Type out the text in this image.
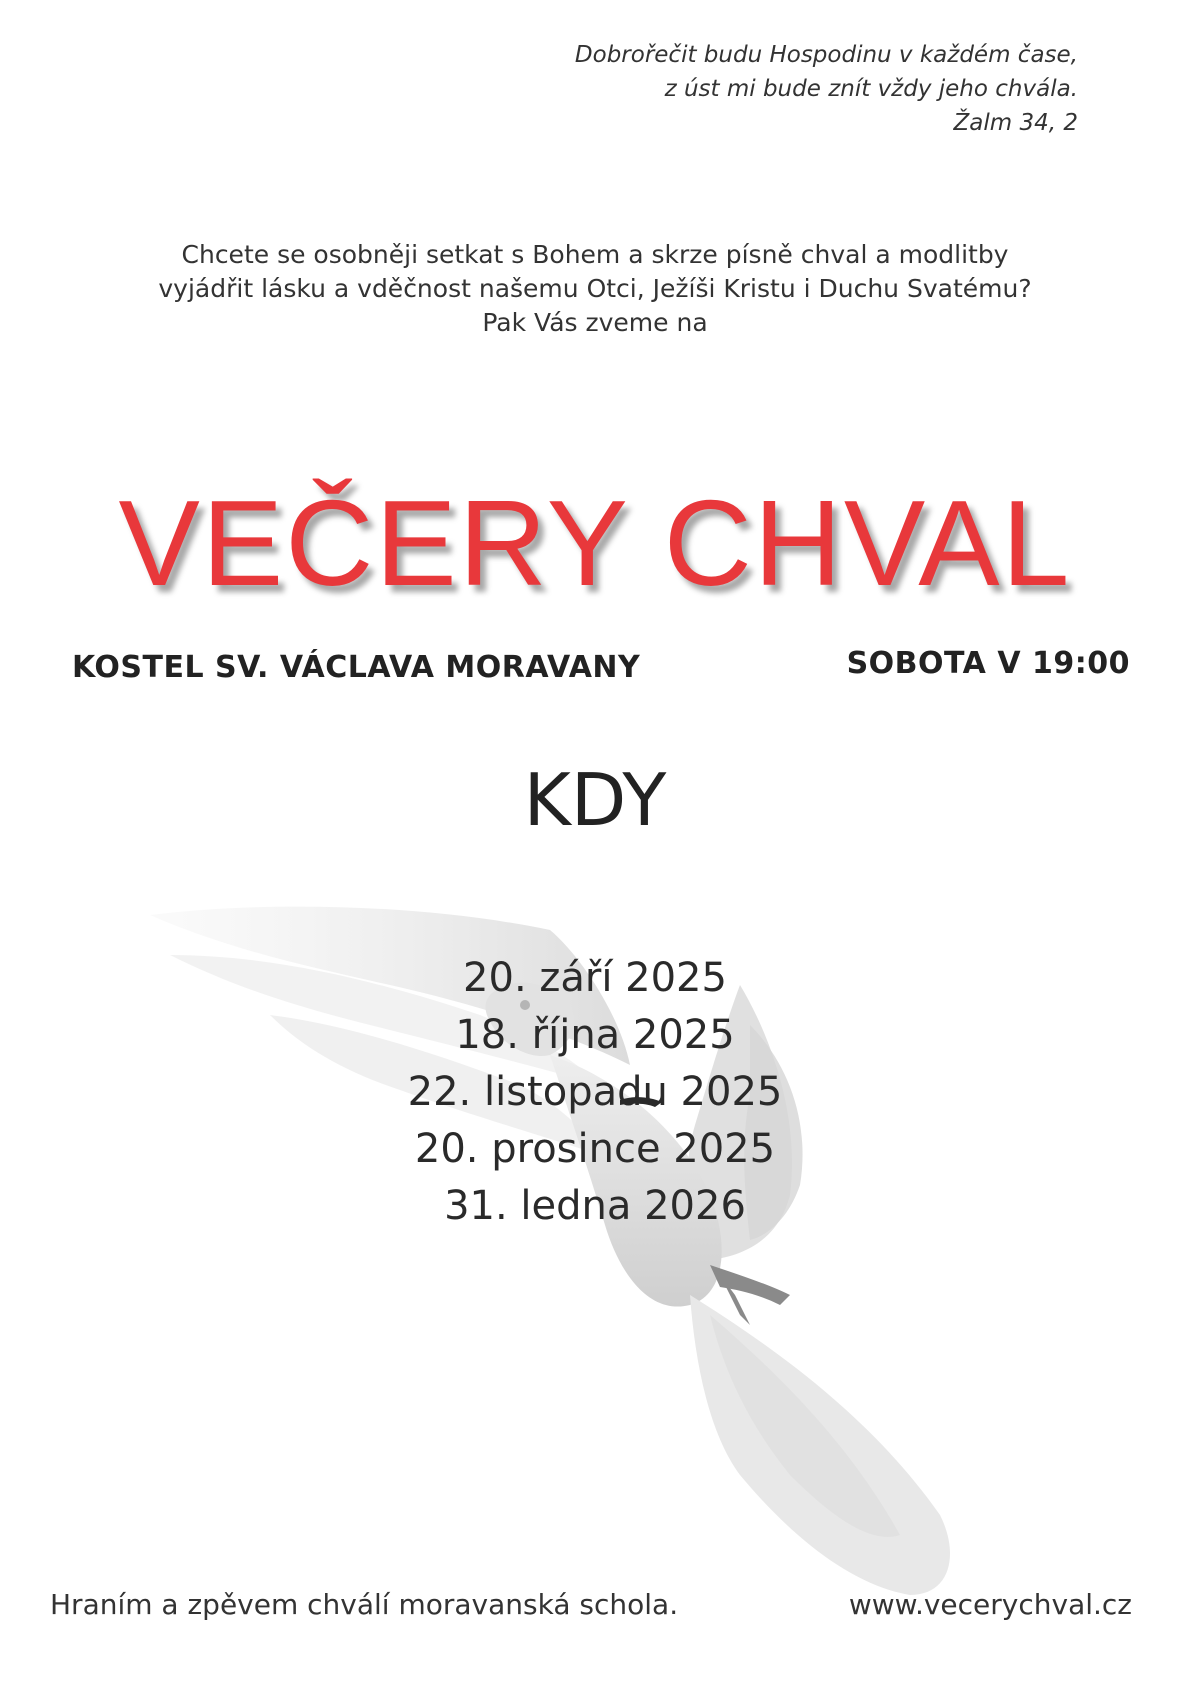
Dobrořečit budu Hospodinu v každém čase,
z úst mi bude znít vždy jeho chvála.
Žalm 34, 2
Chcete se osobněji setkat s Bohem a skrze písně chval a modlitby
vyjádřit lásku a vděčnost našemu Otci, Ježíši Kristu i Duchu Svatému?
Pak Vás zveme na
VEČERY CHVAL
KOSTEL SV. VÁCLAVA MORAVANY	SOBOTA V 19:00
KDY
20. září 2025
18. října 2025
22. listopadu 2025
20. prosince 2025
31. ledna 2026
Hraním a zpěvem chválí moravanská schola.	www.vecerychval.cz
